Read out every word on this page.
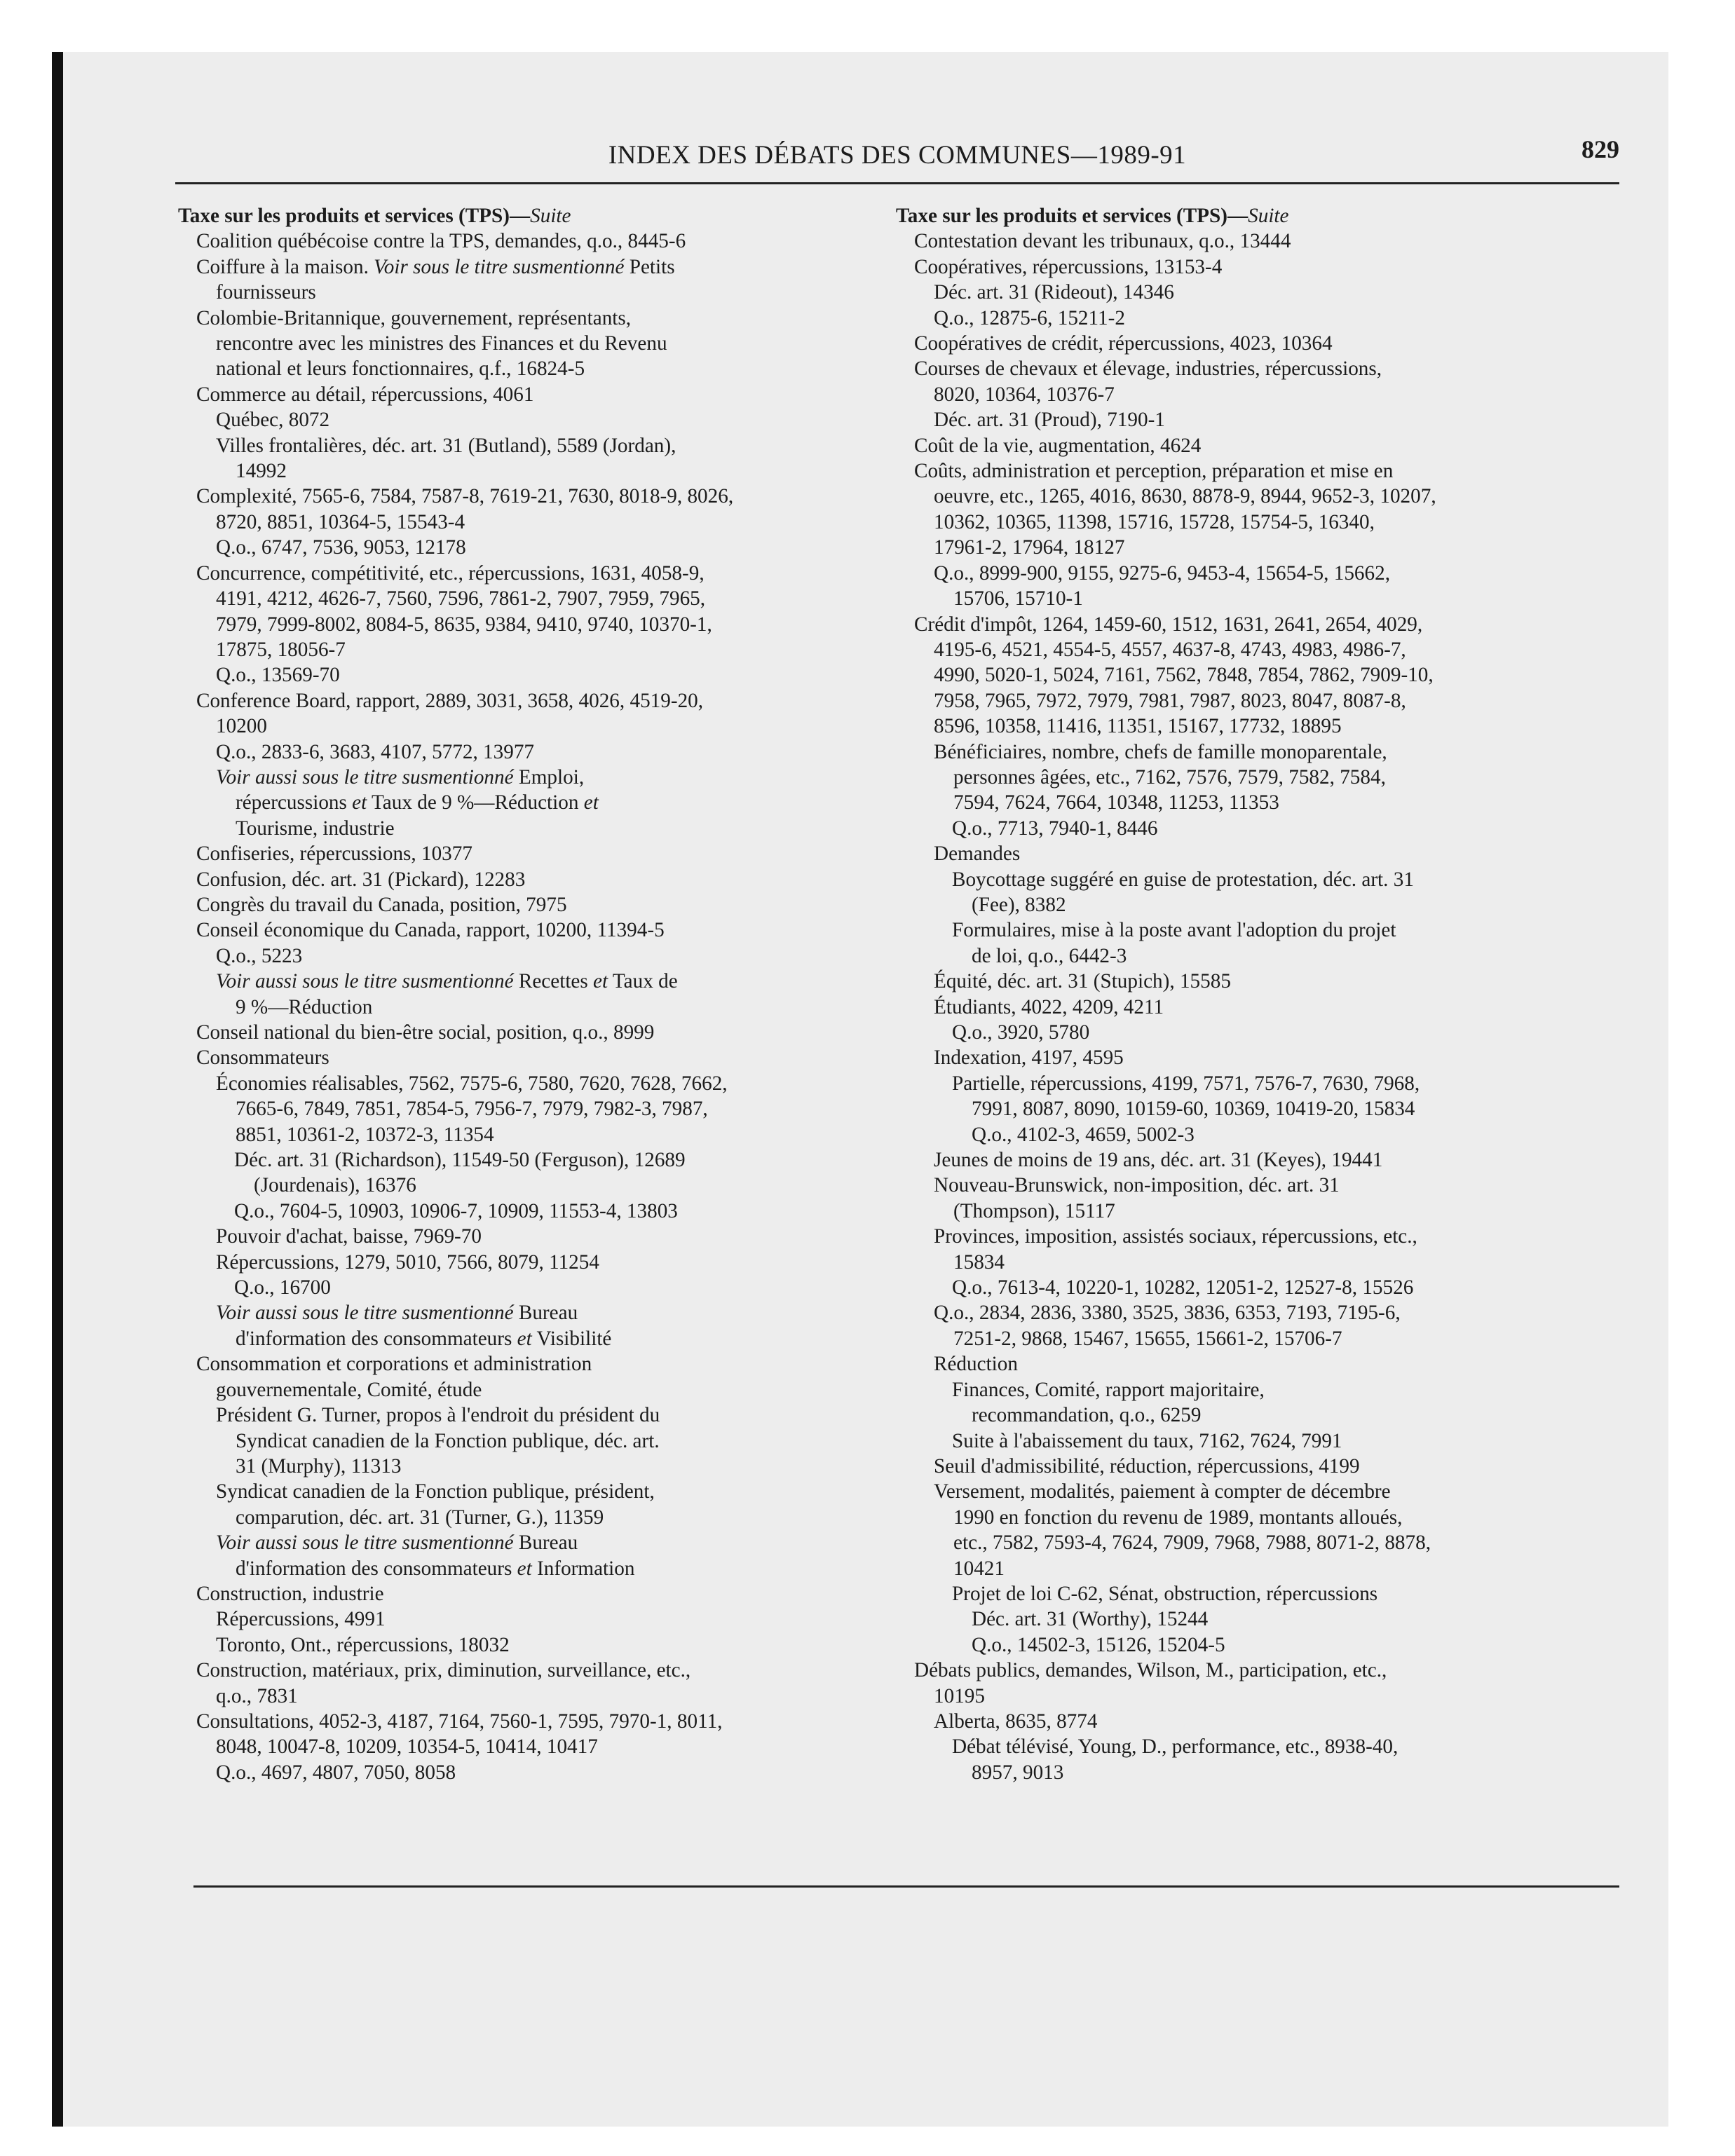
INDEX DES DÉBATS DES COMMUNES—1989-91	829
Taxe sur les produits et services (TPS)—Suite
Coalition québécoise contre la TPS, demandes, q.o., 8445-6
Coiffure à la maison. Voir sous le titre susmentionné Petits
fournisseurs
Colombie-Britannique, gouvernement, représentants,
rencontre avec les ministres des Finances et du Revenu
national et leurs fonctionnaires, q.f., 16824-5
Commerce au détail, répercussions, 4061
Québec, 8072
Villes frontalières, déc. art. 31 (Butland), 5589 (Jordan),
14992
Complexité, 7565-6, 7584, 7587-8, 7619-21, 7630, 8018-9, 8026,
8720, 8851, 10364-5, 15543-4
Q.o., 6747, 7536, 9053, 12178
Concurrence, compétitivité, etc., répercussions, 1631, 4058-9,
4191, 4212, 4626-7, 7560, 7596, 7861-2, 7907, 7959, 7965,
7979, 7999-8002, 8084-5, 8635, 9384, 9410, 9740, 10370-1,
17875, 18056-7
Q.o., 13569-70
Conference Board, rapport, 2889, 3031, 3658, 4026, 4519-20,
10200
Q.o., 2833-6, 3683, 4107, 5772, 13977
Voir aussi sous le titre susmentionné Emploi,
répercussions et Taux de 9 %—Réduction et
Tourisme, industrie
Confiseries, répercussions, 10377
Confusion, déc. art. 31 (Pickard), 12283
Congrès du travail du Canada, position, 7975
Conseil économique du Canada, rapport, 10200, 11394-5
Q.o., 5223
Voir aussi sous le titre susmentionné Recettes et Taux de
9 %—Réduction
Conseil national du bien-être social, position, q.o., 8999
Consommateurs
Économies réalisables, 7562, 7575-6, 7580, 7620, 7628, 7662,
7665-6, 7849, 7851, 7854-5, 7956-7, 7979, 7982-3, 7987,
8851, 10361-2, 10372-3, 11354
Déc. art. 31 (Richardson), 11549-50 (Ferguson), 12689
(Jourdenais), 16376
Q.o., 7604-5, 10903, 10906-7, 10909, 11553-4, 13803
Pouvoir d'achat, baisse, 7969-70
Répercussions, 1279, 5010, 7566, 8079, 11254
Q.o., 16700
Voir aussi sous le titre susmentionné Bureau
d'information des consommateurs et Visibilité
Consommation et corporations et administration
gouvernementale, Comité, étude
Président G. Turner, propos à l'endroit du président du
Syndicat canadien de la Fonction publique, déc. art.
31 (Murphy), 11313
Syndicat canadien de la Fonction publique, président,
comparution, déc. art. 31 (Turner, G.), 11359
Voir aussi sous le titre susmentionné Bureau
d'information des consommateurs et Information
Construction, industrie
Répercussions, 4991
Toronto, Ont., répercussions, 18032
Construction, matériaux, prix, diminution, surveillance, etc.,
q.o., 7831
Consultations, 4052-3, 4187, 7164, 7560-1, 7595, 7970-1, 8011,
8048, 10047-8, 10209, 10354-5, 10414, 10417
Q.o., 4697, 4807, 7050, 8058
Taxe sur les produits et services (TPS)—Suite
Contestation devant les tribunaux, q.o., 13444
Coopératives, répercussions, 13153-4
Déc. art. 31 (Rideout), 14346
Q.o., 12875-6, 15211-2
Coopératives de crédit, répercussions, 4023, 10364
Courses de chevaux et élevage, industries, répercussions,
8020, 10364, 10376-7
Déc. art. 31 (Proud), 7190-1
Coût de la vie, augmentation, 4624
Coûts, administration et perception, préparation et mise en
oeuvre, etc., 1265, 4016, 8630, 8878-9, 8944, 9652-3, 10207,
10362, 10365, 11398, 15716, 15728, 15754-5, 16340,
17961-2, 17964, 18127
Q.o., 8999-900, 9155, 9275-6, 9453-4, 15654-5, 15662,
15706, 15710-1
Crédit d'impôt, 1264, 1459-60, 1512, 1631, 2641, 2654, 4029,
4195-6, 4521, 4554-5, 4557, 4637-8, 4743, 4983, 4986-7,
4990, 5020-1, 5024, 7161, 7562, 7848, 7854, 7862, 7909-10,
7958, 7965, 7972, 7979, 7981, 7987, 8023, 8047, 8087-8,
8596, 10358, 11416, 11351, 15167, 17732, 18895
Bénéficiaires, nombre, chefs de famille monoparentale,
personnes âgées, etc., 7162, 7576, 7579, 7582, 7584,
7594, 7624, 7664, 10348, 11253, 11353
Q.o., 7713, 7940-1, 8446
Demandes
Boycottage suggéré en guise de protestation, déc. art. 31
(Fee), 8382
Formulaires, mise à la poste avant l'adoption du projet
de loi, q.o., 6442-3
Équité, déc. art. 31 (Stupich), 15585
Étudiants, 4022, 4209, 4211
Q.o., 3920, 5780
Indexation, 4197, 4595
Partielle, répercussions, 4199, 7571, 7576-7, 7630, 7968,
7991, 8087, 8090, 10159-60, 10369, 10419-20, 15834
Q.o., 4102-3, 4659, 5002-3
Jeunes de moins de 19 ans, déc. art. 31 (Keyes), 19441
Nouveau-Brunswick, non-imposition, déc. art. 31
(Thompson), 15117
Provinces, imposition, assistés sociaux, répercussions, etc.,
15834
Q.o., 7613-4, 10220-1, 10282, 12051-2, 12527-8, 15526
Q.o., 2834, 2836, 3380, 3525, 3836, 6353, 7193, 7195-6,
7251-2, 9868, 15467, 15655, 15661-2, 15706-7
Réduction
Finances, Comité, rapport majoritaire,
recommandation, q.o., 6259
Suite à l'abaissement du taux, 7162, 7624, 7991
Seuil d'admissibilité, réduction, répercussions, 4199
Versement, modalités, paiement à compter de décembre
1990 en fonction du revenu de 1989, montants alloués,
etc., 7582, 7593-4, 7624, 7909, 7968, 7988, 8071-2, 8878,
10421
Projet de loi C-62, Sénat, obstruction, répercussions
Déc. art. 31 (Worthy), 15244
Q.o., 14502-3, 15126, 15204-5
Débats publics, demandes, Wilson, M., participation, etc.,
10195
Alberta, 8635, 8774
Débat télévisé, Young, D., performance, etc., 8938-40,
8957, 9013
